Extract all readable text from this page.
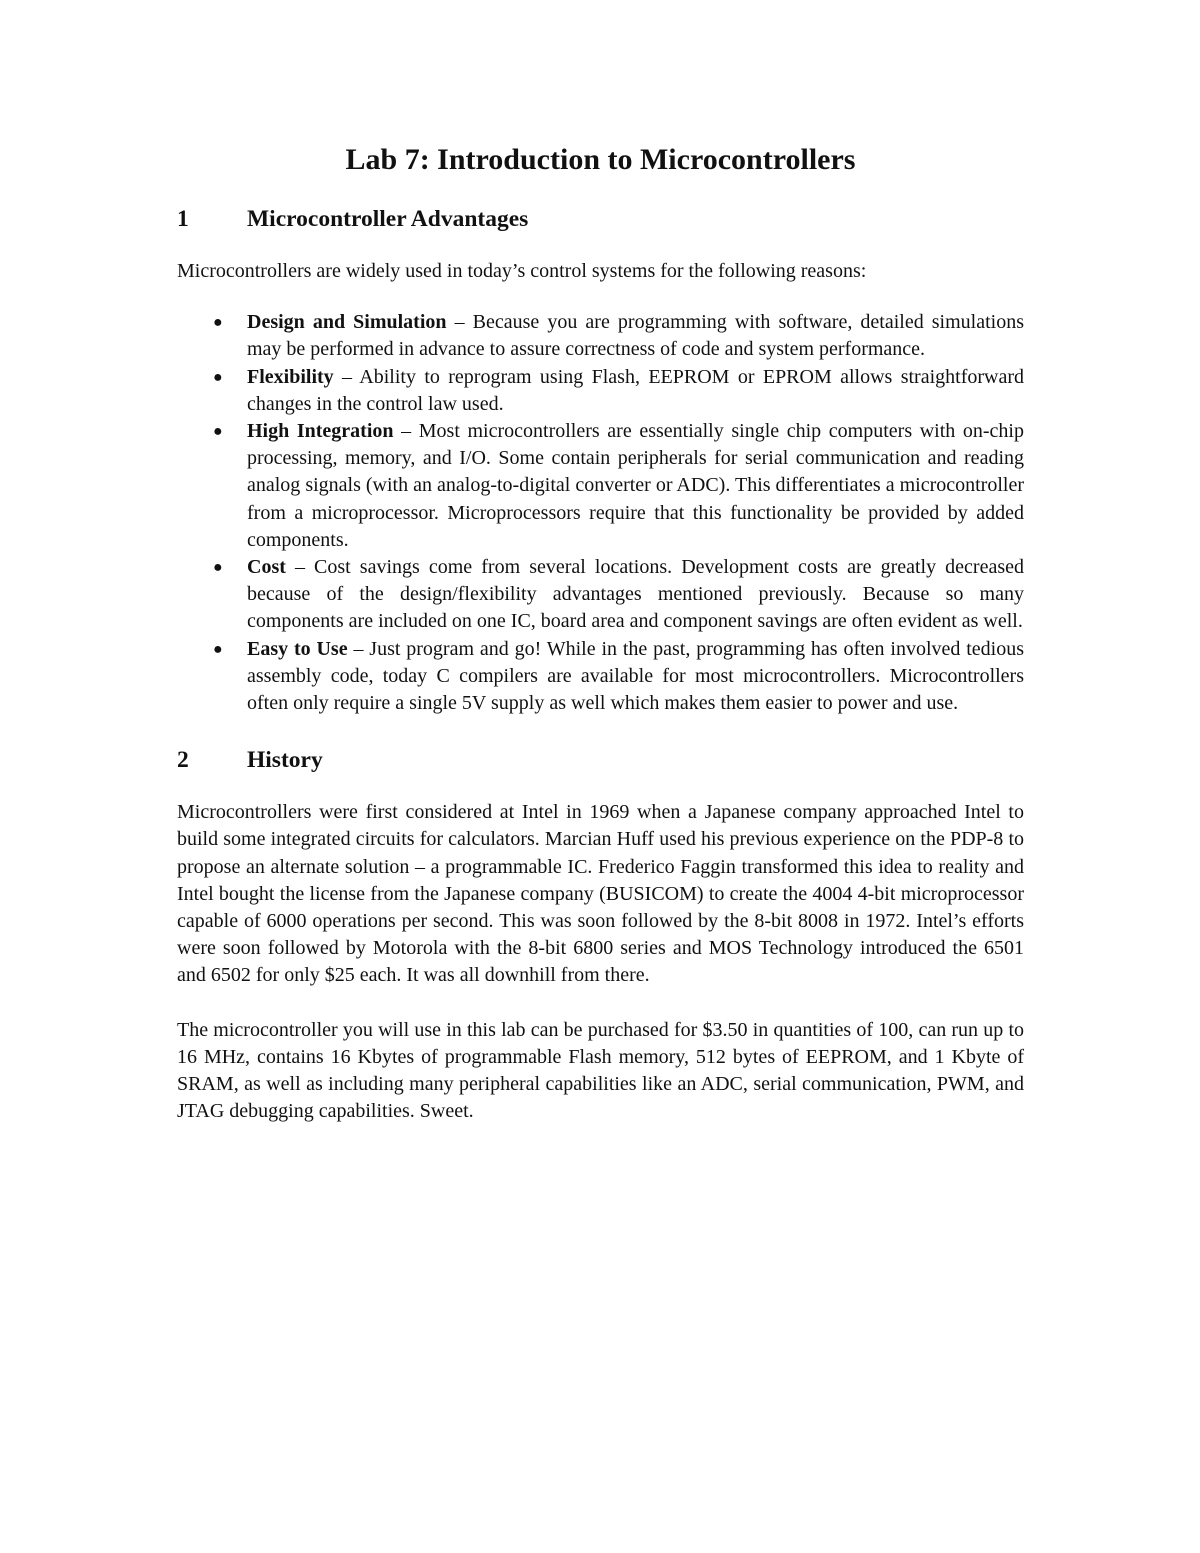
Lab 7: Introduction to Microcontrollers
1	Microcontroller Advantages

Microcontrollers are widely used in today’s control systems for the following reasons:

● Design and Simulation – Because you are programming with software, detailed simulations may be performed in advance to assure correctness of code and system performance.
● Flexibility – Ability to reprogram using Flash, EEPROM or EPROM allows straightforward changes in the control law used.
● High Integration – Most microcontrollers are essentially single chip computers with on-chip processing, memory, and I/O. Some contain peripherals for serial communication and reading analog signals (with an analog-to-digital converter or ADC). This differentiates a microcontroller from a microprocessor. Microprocessors require that this functionality be provided by added components.
● Cost – Cost savings come from several locations. Development costs are greatly decreased because of the design/flexibility advantages mentioned previously. Because so many components are included on one IC, board area and component savings are often evident as well.
● Easy to Use – Just program and go! While in the past, programming has often involved tedious assembly code, today C compilers are available for most microcontrollers. Microcontrollers often only require a single 5V supply as well which makes them easier to power and use.
2	History

Microcontrollers were first considered at Intel in 1969 when a Japanese company approached Intel to build some integrated circuits for calculators. Marcian Huff used his previous experience on the PDP-8 to propose an alternate solution – a programmable IC. Frederico Faggin transformed this idea to reality and Intel bought the license from the Japanese company (BUSICOM) to create the 4004 4-bit microprocessor capable of 6000 operations per second. This was soon followed by the 8-bit 8008 in 1972. Intel’s efforts were soon followed by Motorola with the 8-bit 6800 series and MOS Technology introduced the 6501 and 6502 for only $25 each. It was all downhill from there.

The microcontroller you will use in this lab can be purchased for $3.50 in quantities of 100, can run up to 16 MHz, contains 16 Kbytes of programmable Flash memory, 512 bytes of EEPROM, and 1 Kbyte of SRAM, as well as including many peripheral capabilities like an ADC, serial communication, PWM, and JTAG debugging capabilities. Sweet.
